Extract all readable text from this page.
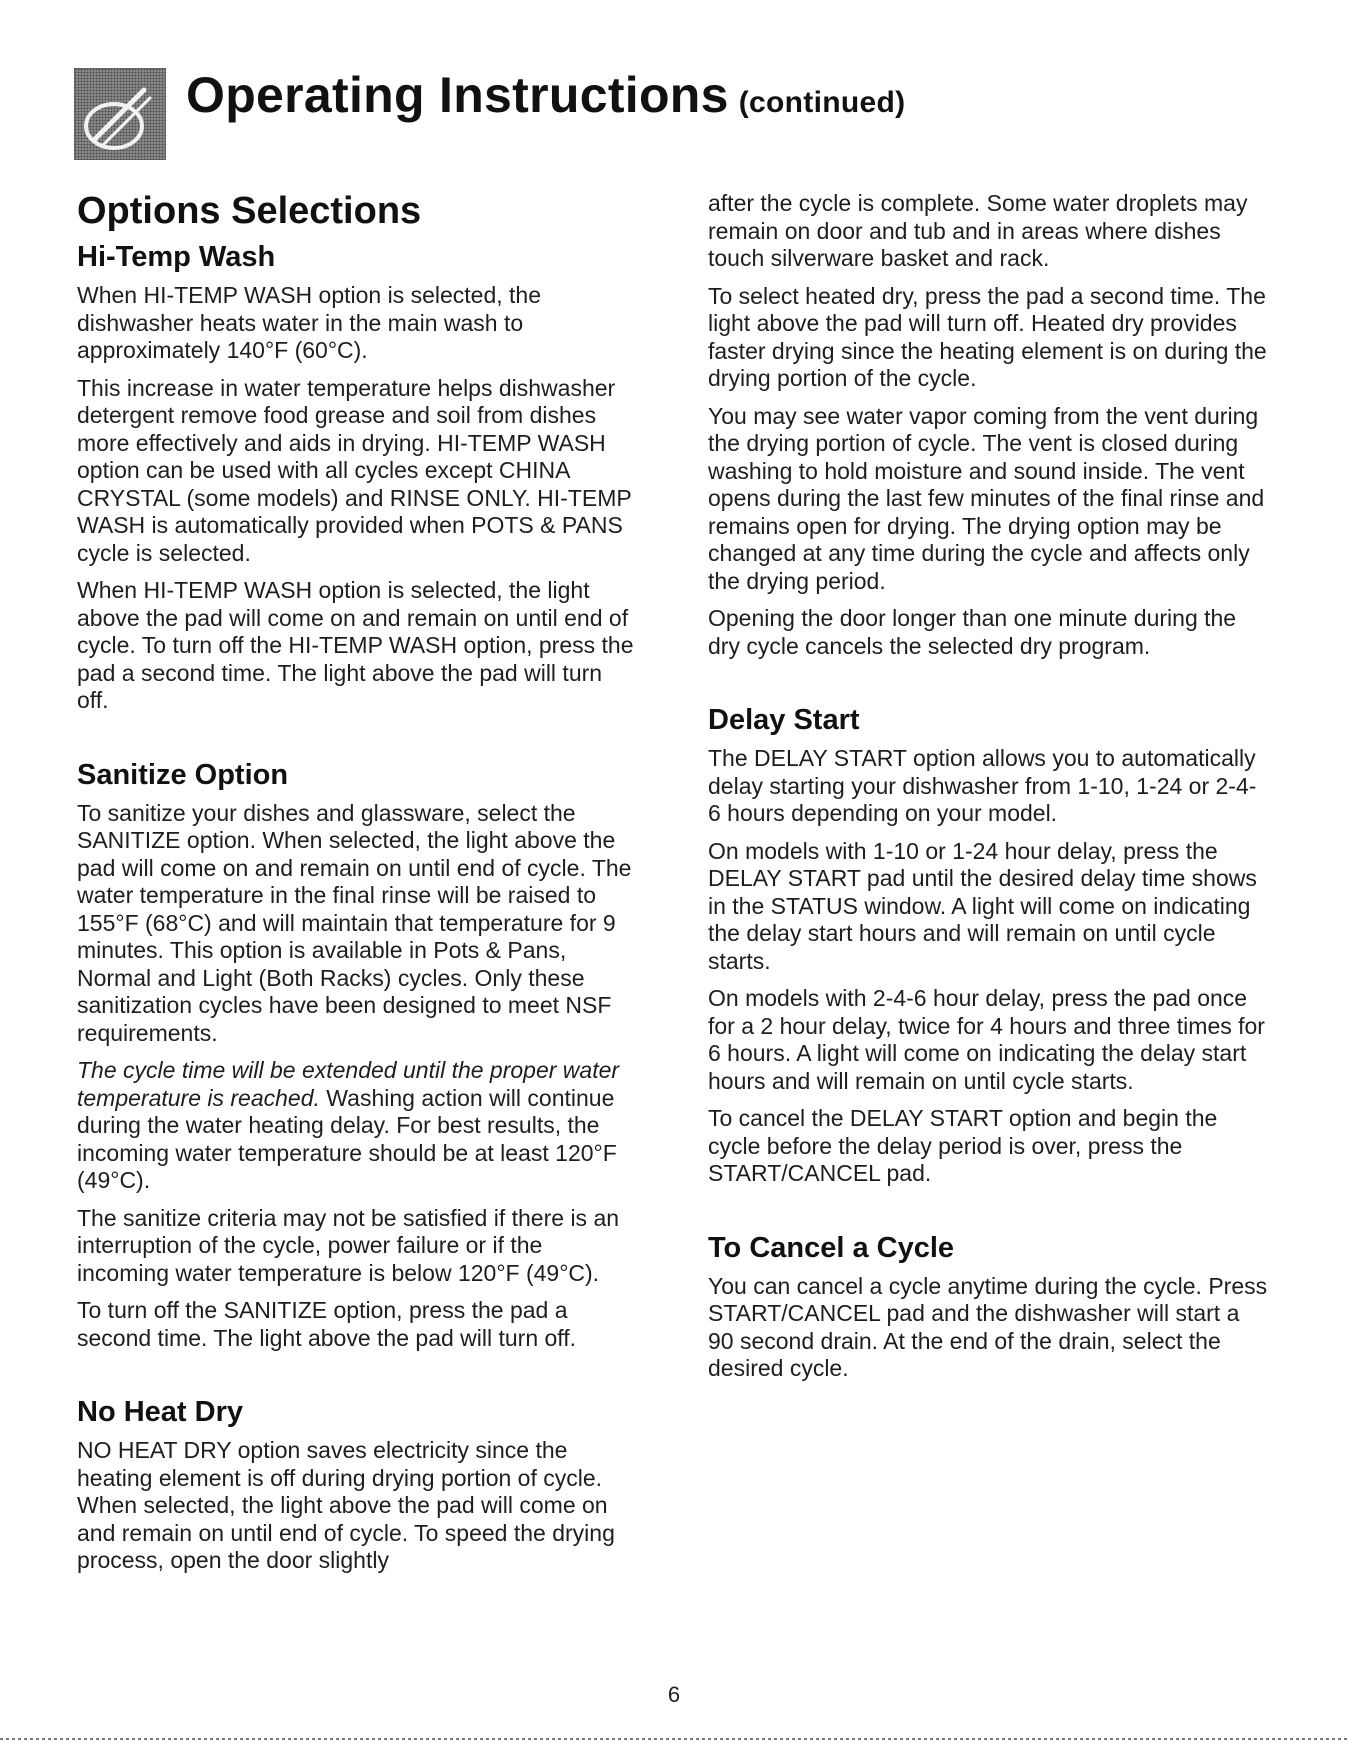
Operating Instructions (continued)
Options Selections
Hi-Temp Wash

When HI-TEMP WASH option is selected, the dishwasher heats water in the main wash to approximately 140°F (60°C).

This increase in water temperature helps dishwasher detergent remove food grease and soil from dishes more effectively and aids in drying. HI-TEMP WASH option can be used with all cycles except CHINA CRYSTAL (some models) and RINSE ONLY. HI-TEMP WASH is automatically provided when POTS & PANS cycle is selected.

When HI-TEMP WASH option is selected, the light above the pad will come on and remain on until end of cycle. To turn off the HI-TEMP WASH option, press the pad a second time. The light above the pad will turn off.

Sanitize Option

To sanitize your dishes and glassware, select the SANITIZE option. When selected, the light above the pad will come on and remain on until end of cycle. The water temperature in the final rinse will be raised to 155°F (68°C) and will maintain that temperature for 9 minutes. This option is available in Pots & Pans, Normal and Light (Both Racks) cycles. Only these sanitization cycles have been designed to meet NSF requirements.

The cycle time will be extended until the proper water temperature is reached. Washing action will continue during the water heating delay. For best results, the incoming water temperature should be at least 120°F (49°C).

The sanitize criteria may not be satisfied if there is an interruption of the cycle, power failure or if the incoming water temperature is below 120°F (49°C).

To turn off the SANITIZE option, press the pad a second time. The light above the pad will turn off.

No Heat Dry

NO HEAT DRY option saves electricity since the heating element is off during drying portion of cycle. When selected, the light above the pad will come on and remain on until end of cycle. To speed the drying process, open the door slightly

after the cycle is complete. Some water droplets may remain on door and tub and in areas where dishes touch silverware basket and rack.

To select heated dry, press the pad a second time. The light above the pad will turn off. Heated dry provides faster drying since the heating element is on during the drying portion of the cycle.

You may see water vapor coming from the vent during the drying portion of cycle. The vent is closed during washing to hold moisture and sound inside. The vent opens during the last few minutes of the final rinse and remains open for drying. The drying option may be changed at any time during the cycle and affects only the drying period.

Opening the door longer than one minute during the dry cycle cancels the selected dry program.

Delay Start

The DELAY START option allows you to automatically delay starting your dishwasher from 1-10, 1-24 or 2-4-6 hours depending on your model.

On models with 1-10 or 1-24 hour delay, press the DELAY START pad until the desired delay time shows in the STATUS window. A light will come on indicating the delay start hours and will remain on until cycle starts.

On models with 2-4-6 hour delay, press the pad once for a 2 hour delay, twice for 4 hours and three times for 6 hours. A light will come on indicating the delay start hours and will remain on until cycle starts.

To cancel the DELAY START option and begin the cycle before the delay period is over, press the START/CANCEL pad.

To Cancel a Cycle

You can cancel a cycle anytime during the cycle. Press START/CANCEL pad and the dishwasher will start a 90 second drain. At the end of the drain, select the desired cycle.

6
